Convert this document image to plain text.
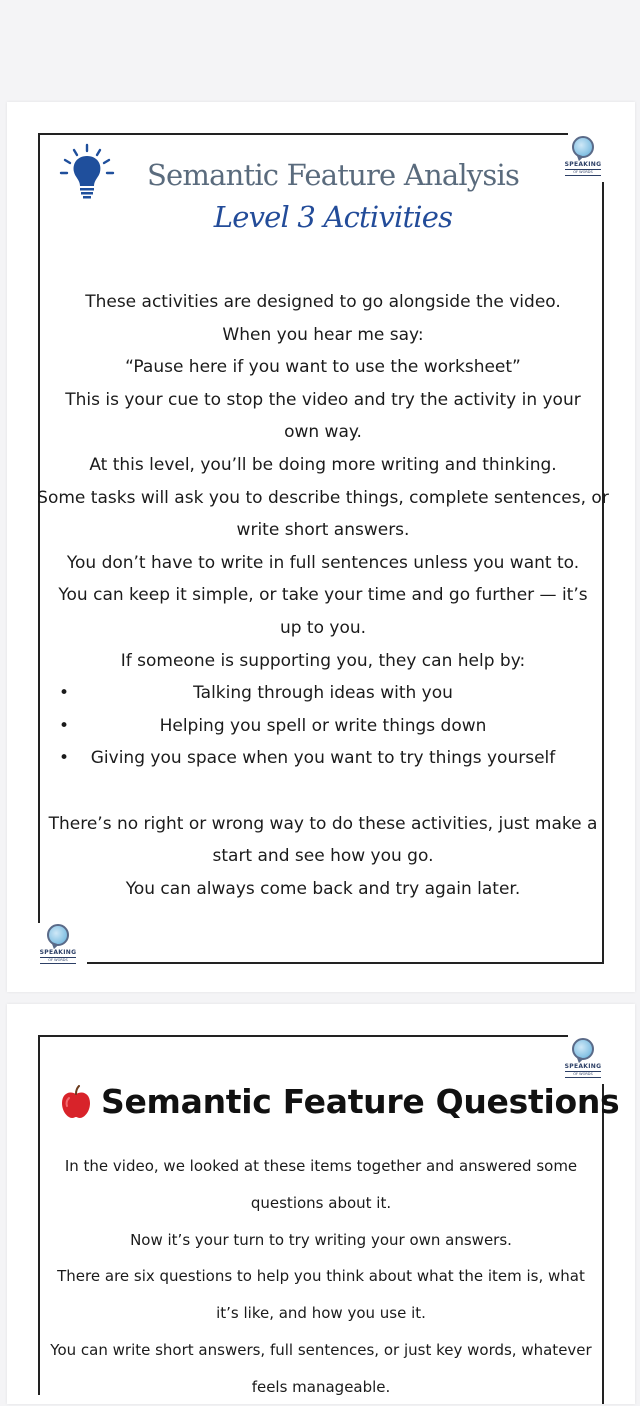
SPEAKING
OF WORDS
Semantic Feature Analysis
Level 3 Activities

These activities are designed to go alongside the video.

When you hear me say:

“Pause here if you want to use the worksheet”

This is your cue to stop the video and try the activity in your own way.

At this level, you’ll be doing more writing and thinking.

Some tasks will ask you to describe things, complete sentences, or write short answers.

You don’t have to write in full sentences unless you want to.

You can keep it simple, or take your time and go further — it’s up to you.

If someone is supporting you, they can help by:

• Talking through ideas with you
• Helping you spell or write things down
• Giving you space when you want to try things yourself

There’s no right or wrong way to do these activities, just make a start and see how you go.

You can always come back and try again later.

SPEAKING
OF WORDS
SPEAKING
OF WORDS
Semantic Feature Questions

In the video, we looked at these items together and answered some questions about it.

Now it’s your turn to try writing your own answers.

There are six questions to help you think about what the item is, what it’s like, and how you use it.

You can write short answers, full sentences, or just key words, whatever feels manageable.
